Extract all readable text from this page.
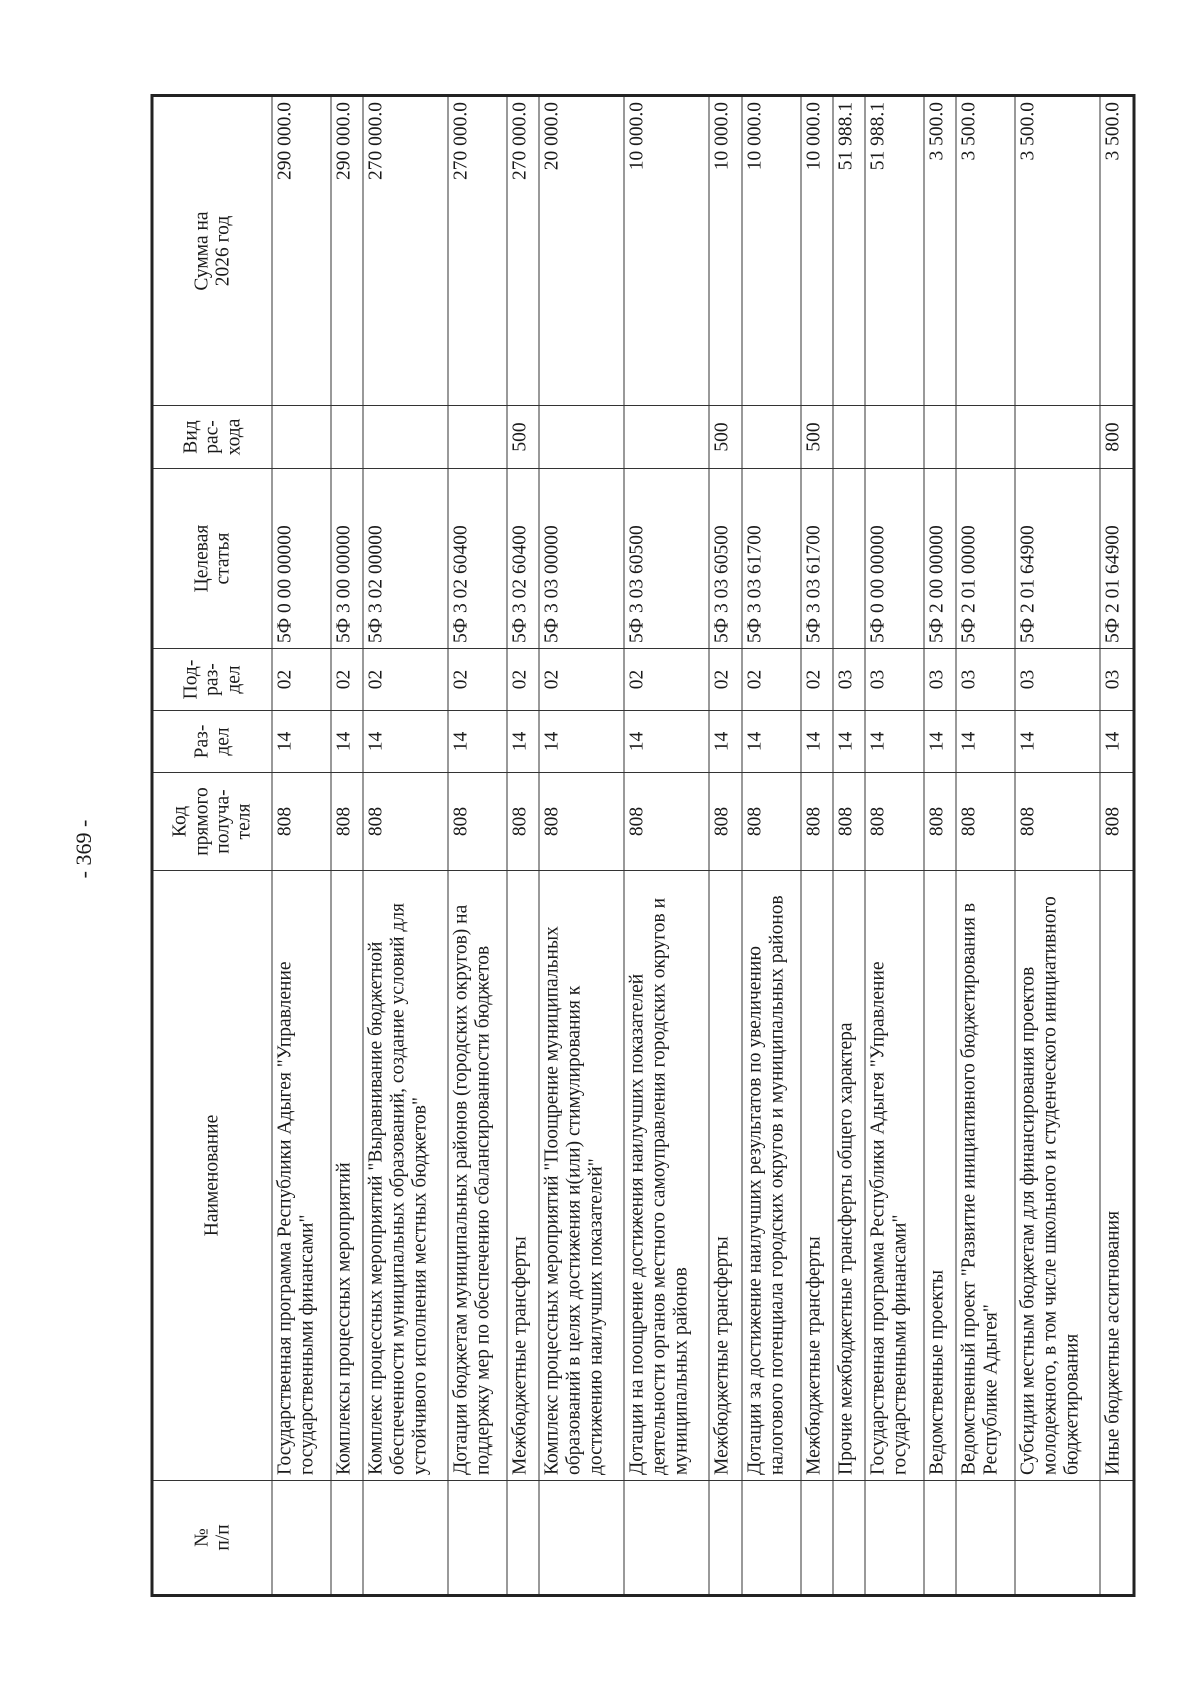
- 369 -
№ п/п	Наименование	Код прямого получа- теля	Раз- дел	Под- раз- дел	Целевая статья	Вид рас- хода	Сумма на 2026 год

	Государственная программа Республики Адыгея "Управление государственными финансами"	808	14	02	5Ф 0 00 00000		290 000.0
	Комплексы процессных мероприятий	808	14	02	5Ф 3 00 00000		290 000.0
	Комплекс процессных мероприятий "Выравнивание бюджетной обеспеченности муниципальных образований, создание условий для устойчивого исполнения местных бюджетов"	808	14	02	5Ф 3 02 00000		270 000.0
	Дотации бюджетам муниципальных районов (городских округов) на поддержку мер по обеспечению сбалансированности бюджетов	808	14	02	5Ф 3 02 60400		270 000.0
	Межбюджетные трансферты	808	14	02	5Ф 3 02 60400	500	270 000.0
	Комплекс процессных мероприятий "Поощрение муниципальных образований в целях достижения и(или) стимулирования к достижению наилучших показателей"	808	14	02	5Ф 3 03 00000		20 000.0
	Дотации на поощрение достижения наилучших показателей деятельности органов местного самоуправления городских округов и муниципальных районов	808	14	02	5Ф 3 03 60500		10 000.0
	Межбюджетные трансферты	808	14	02	5Ф 3 03 60500	500	10 000.0
	Дотации за достижение наилучших результатов по увеличению налогового потенциала городских округов и муниципальных районов	808	14	02	5Ф 3 03 61700		10 000.0
	Межбюджетные трансферты	808	14	02	5Ф 3 03 61700	500	10 000.0
	Прочие межбюджетные трансферты общего характера	808	14	03			51 988.1
	Государственная программа Республики Адыгея "Управление государственными финансами"	808	14	03	5Ф 0 00 00000		51 988.1
	Ведомственные проекты	808	14	03	5Ф 2 00 00000		3 500.0
	Ведомственный проект "Развитие инициативного бюджетирования в Республике Адыгея"	808	14	03	5Ф 2 01 00000		3 500.0
	Субсидии местным бюджетам для финансирования проектов молодежного, в том числе школьного и студенческого инициативного бюджетирования	808	14	03	5Ф 2 01 64900		3 500.0
	Иные бюджетные ассигнования	808	14	03	5Ф 2 01 64900	800	3 500.0
